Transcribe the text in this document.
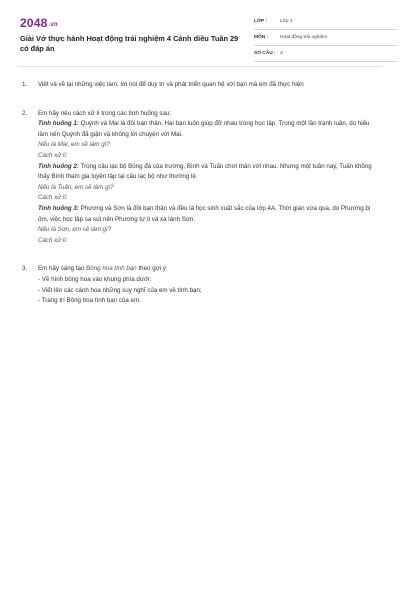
2048.vn
Giải Vở thực hành Hoạt động trải nghiệm 4 Cánh diều Tuần 29 có đáp án
LỚP :	Lớp 4
MÔN :	Hoạt động trải nghiệm
SỐ CÂU : 3
1.	Viết và vẽ lại những việc làm, lời nói để duy trì và phát triển quan hệ với bạn mà em đã thực hiện
2.	Em hãy nêu cách xử lí trong các tình huống sau:
Tình huống 1: Quỳnh và Mai là đôi bạn thân. Hai bạn luôn giúp đỡ nhau trong học tập. Trong một lần tranh luận, do hiểu lầm nên Quỳnh đã giận và không lời chuyện với Mai.
Nếu là Mai, em sẽ làm gì?
Cách xử lí:
Tình huống 2: Trong câu lạc bộ Bóng đá của trường, Bình và Tuấn chơi thân với nhau. Nhưng một tuần nay, Tuấn không thấy Bình tham gia luyện tập tại câu lạc bộ như thường lệ.
Nếu là Tuấn, em sẽ làm gì?
Cách xử lí:
Tình huống 3: Phương và Sơn là đôi bạn thân và đều là học sinh xuất sắc của lớp 4A. Thời gian vừa qua, do Phương bị ốm, việc học tập sa sút nên Phương tự ti và xa lánh Sơn.
Nếu là Sơn, em sẽ làm gì?
Cách xử lí:
3.	Em hãy sáng tạo Bông hoa tình bạn theo gợi ý:
- Vẽ hình bông hoa vào khung phía dưới;
- Viết lên các cánh hoa những suy nghĩ của em về tình bạn;
- Trang trí Bông hoa tình bạn của em.
